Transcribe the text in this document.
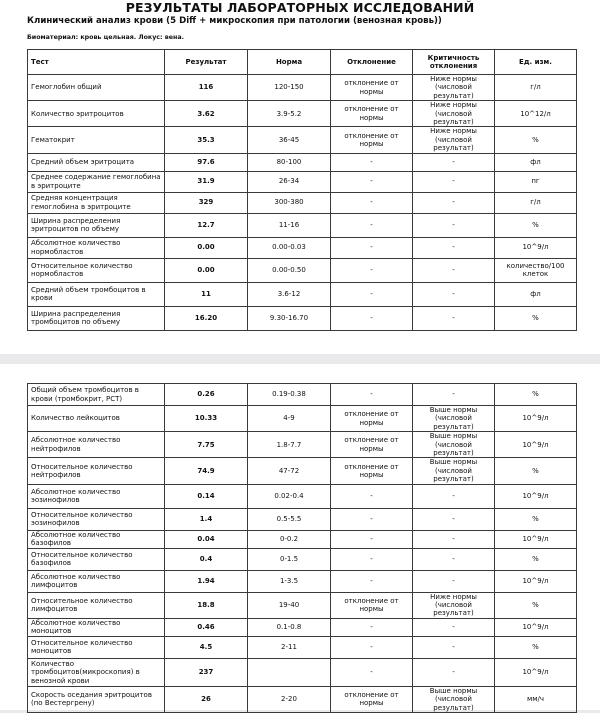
РЕЗУЛЬТАТЫ ЛАБОРАТОРНЫХ ИССЛЕДОВАНИЙ
Клинический анализ крови (5 Diff + микроскопия при патологии (венозная кровь))
Биоматериал: кровь цельная. Локус: вена.
Тест	Результат	Норма	Отклонение	Критичность отклонения	Ед. изм.
Гемоглобин общий	116	120-150	отклонение от нормы	Ниже нормы (числовой результат)	г/л
Количество эритроцитов	3.62	3.9-5.2	отклонение от нормы	Ниже нормы (числовой результат)	10^12/л
Гематокрит	35.3	36-45	отклонение от нормы	Ниже нормы (числовой результат)	%
Средний объем эритроцита	97.6	80-100	-	-	фл
Среднее содержание гемоглобина в эритроците	31.9	26-34	-	-	пг
Средняя концентрация гемоглобина в эритроците	329	300-380	-	-	г/л
Ширина распределения эритроцитов по объему	12.7	11-16	-	-	%
Абсолютное количество нормобластов	0.00	0.00-0.03	-	-	10^9/л
Относительное количество нормобластов	0.00	0.00-0.50	-	-	количество/100 клеток
Средний объем тромбоцитов в крови	11	3.6-12	-	-	фл
Ширина распределения тромбоцитов по объему	16.20	9.30-16.70	-	-	%
Общий объем тромбоцитов в крови (тромбокрит, PCT)	0.26	0.19-0.38	-	-	%
Количество лейкоцитов	10.33	4-9	отклонение от нормы	Выше нормы (числовой результат)	10^9/л
Абсолютное количество нейтрофилов	7.75	1.8-7.7	отклонение от нормы	Выше нормы (числовой результат)	10^9/л
Относительное количество нейтрофилов	74.9	47-72	отклонение от нормы	Выше нормы (числовой результат)	%
Абсолютное количество эозинофилов	0.14	0.02-0.4	-	-	10^9/л
Относительное количество эозинофилов	1.4	0.5-5.5	-	-	%
Абсолютное количество базофилов	0.04	0-0.2	-	-	10^9/л
Относительное количество базофилов	0.4	0-1.5	-	-	%
Абсолютное количество лимфоцитов	1.94	1-3.5	-	-	10^9/л
Относительное количество лимфоцитов	18.8	19-40	отклонение от нормы	Ниже нормы (числовой результат)	%
Абсолютное количество моноцитов	0.46	0.1-0.8	-	-	10^9/л
Относительное количество моноцитов	4.5	2-11	-	-	%
Количество тромбоцитов(микроскопия) в венозной крови	237		-	-	10^9/л
Скорость оседания эритроцитов (по Вестергрену)	26	2-20	отклонение от нормы	Выше нормы (числовой результат)	мм/ч
